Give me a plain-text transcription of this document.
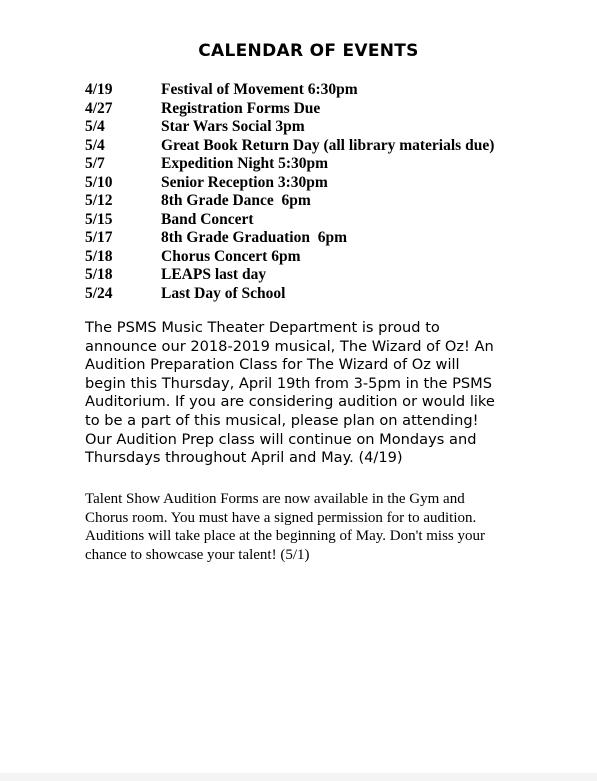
CALENDAR OF EVENTS
4/19	Festival of Movement 6:30pm
4/27	Registration Forms Due
5/4	Star Wars Social 3pm
5/4	Great Book Return Day (all library materials due)
5/7	Expedition Night 5:30pm
5/10	Senior Reception 3:30pm
5/12	8th Grade Dance  6pm
5/15	Band Concert
5/17	8th Grade Graduation  6pm
5/18	Chorus Concert 6pm
5/18	LEAPS last day
5/24	Last Day of School

The PSMS Music Theater Department is proud to
announce our 2018-2019 musical, The Wizard of Oz! An
Audition Preparation Class for The Wizard of Oz will
begin this Thursday, April 19th from 3-5pm in the PSMS
Auditorium. If you are considering audition or would like
to be a part of this musical, please plan on attending!
Our Audition Prep class will continue on Mondays and
Thursdays throughout April and May. (4/19)

Talent Show Audition Forms are now available in the Gym and
Chorus room. You must have a signed permission for to audition.
Auditions will take place at the beginning of May. Don't miss your
chance to showcase your talent! (5/1)
